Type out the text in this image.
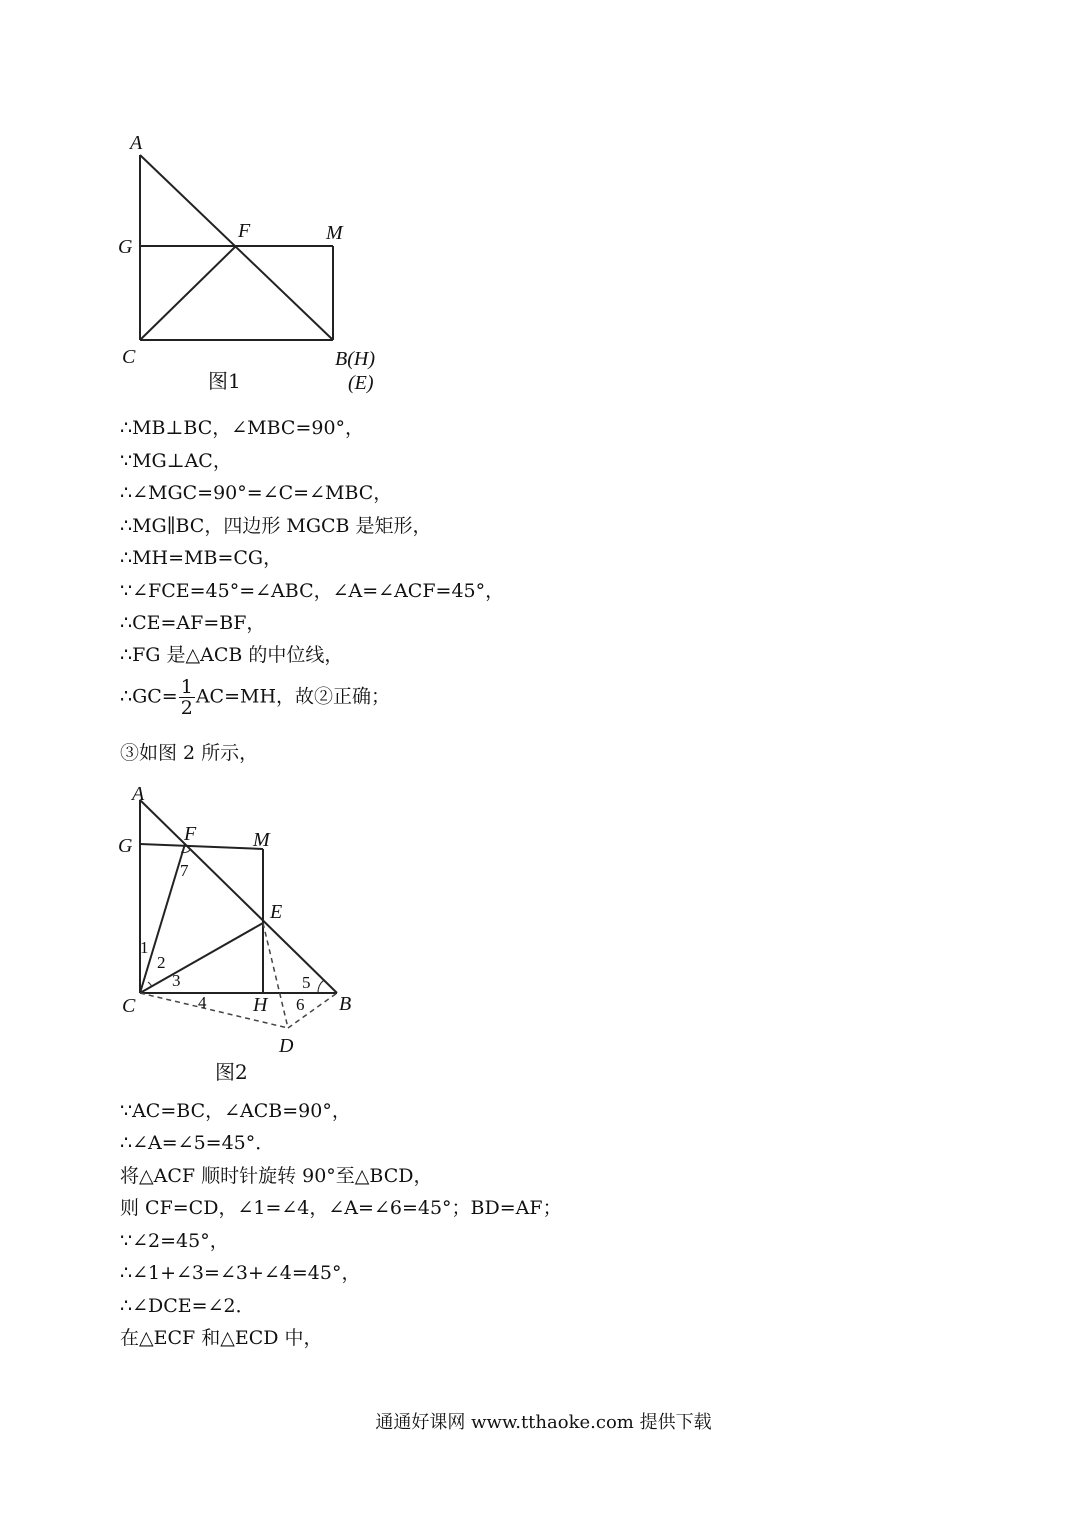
A
G
F	M
C	B(H)
(E)
图1
∴MB⊥BC，∠MBC=90°，
∵MG⊥AC，
∴∠MGC=90°=∠C=∠MBC，
∴MG∥BC，四边形 MGCB 是矩形，
∴MH=MB=CG，
∵∠FCE=45°=∠ABC，∠A=∠ACF=45°，
∴CE=AF=BF，
∴FG 是△ACB 的中位线，
∴GC= $\frac{1}{2} AC=MH$，故②正确；
③如图 2 所示，
A
G
F	M
E
C	H	B
D
1
2
3
4
5
6
7
图2
∵AC=BC，∠ACB=90°，
∴∠A=∠5=45°．
将△ACF 顺时针旋转 90°至△BCD，
则 CF=CD，∠1=∠4，∠A=∠6=45°；BD=AF；
∵∠2=45°，
∴∠1+∠3=∠3+∠4=45°，
∴∠DCE=∠2．
在△ECF 和△ECD 中，
通通好课网 www.tthaoke.com 提供下载
